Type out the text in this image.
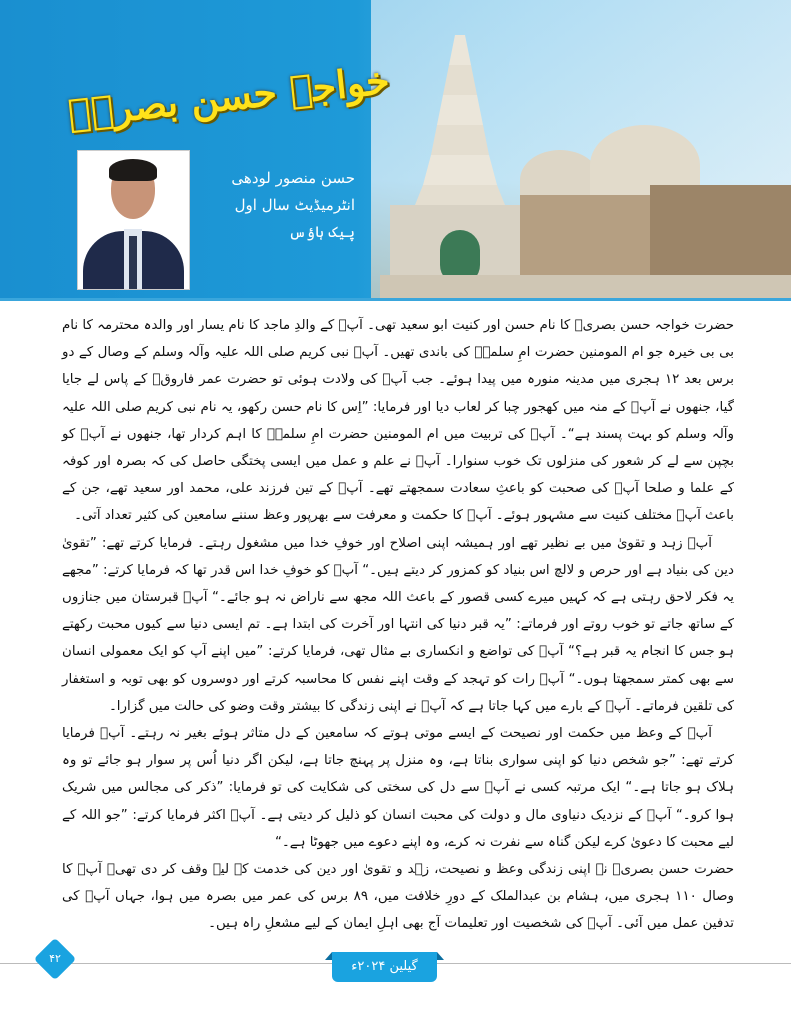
خواجہ حسن بصریؒ
حسن منصور لودھی
انٹرمیڈیٹ سال اول
پیک ہاؤس

حضرت خواجہ حسن بصریؒ کا نام حسن اور کنیت ابو سعید تھی۔ آپؒ کے والدِ ماجد کا نام یسار اور والدہ محترمہ کا نام بی بی خیرہ جو ام المومنین حضرت امِ سلمہؓ کی باندی تھیں۔ آپؒ نبی کریم صلی اللہ علیہ وآلہ وسلم کے وصال کے دو برس بعد ۱۲ ہجری میں مدینہ منورہ میں پیدا ہوئے۔ جب آپؒ کی ولادت ہوئی تو حضرت عمر فاروقؓ کے پاس لے جایا گیا، جنھوں نے آپؒ کے منہ میں کھجور چبا کر لعاب دیا اور فرمایا: ”اِس کا نام حسن رکھو، یہ نام نبی کریم صلی اللہ علیہ وآلہ وسلم کو بہت پسند ہے“۔ آپؒ کی تربیت میں ام المومنین حضرت امِ سلمہؓ کا اہم کردار تھا، جنھوں نے آپؒ کو بچپن سے لے کر شعور کی منزلوں تک خوب سنوارا۔ آپؒ نے علم و عمل میں ایسی پختگی حاصل کی کہ بصرہ اور کوفہ کے علما و صلحا آپؒ کی صحبت کو باعثِ سعادت سمجھتے تھے۔ آپؒ کے تین فرزند علی، محمد اور سعید تھے، جن کے باعث آپؒ مختلف کنیت سے مشہور ہوئے۔ آپؒ کا حکمت و معرفت سے بھرپور وعظ سننے سامعین کی کثیر تعداد آتی۔

آپؒ زہد و تقویٰ میں بے نظیر تھے اور ہمیشہ اپنی اصلاح اور خوفِ خدا میں مشغول رہتے۔ فرمایا کرتے تھے: ”تقویٰ دین کی بنیاد ہے اور حرص و لالچ اس بنیاد کو کمزور کر دیتے ہیں۔“ آپؒ کو خوفِ خدا اس قدر تھا کہ فرمایا کرتے: ”مجھے یہ فکر لاحق رہتی ہے کہ کہیں میرے کسی قصور کے باعث اللہ مجھ سے ناراض نہ ہو جائے۔“ آپؒ قبرستان میں جنازوں کے ساتھ جاتے تو خوب روتے اور فرماتے: ”یہ قبر دنیا کی انتہا اور آخرت کی ابتدا ہے۔ تم ایسی دنیا سے کیوں محبت رکھتے ہو جس کا انجام یہ قبر ہے؟“ آپؒ کی تواضع و انکساری بے مثال تھی، فرمایا کرتے: ”میں اپنے آپ کو ایک معمولی انسان سے بھی کمتر سمجھتا ہوں۔“ آپؒ رات کو تہجد کے وقت اپنے نفس کا محاسبہ کرتے اور دوسروں کو بھی توبہ و استغفار کی تلقین فرماتے۔ آپؒ کے بارے میں کہا جاتا ہے کہ آپؒ نے اپنی زندگی کا بیشتر وقت وضو کی حالت میں گزارا۔

آپؒ کے وعظ میں حکمت اور نصیحت کے ایسے موتی ہوتے کہ سامعین کے دل متاثر ہوئے بغیر نہ رہتے۔ آپؒ فرمایا کرتے تھے: ”جو شخص دنیا کو اپنی سواری بناتا ہے، وہ منزل پر پہنچ جاتا ہے، لیکن اگر دنیا اُس پر سوار ہو جائے تو وہ ہلاک ہو جاتا ہے۔“ ایک مرتبہ کسی نے آپؒ سے دل کی سختی کی شکایت کی تو فرمایا: ”ذکر کی مجالس میں شریک ہوا کرو۔“ آپؒ کے نزدیک دنیاوی مال و دولت کی محبت انسان کو ذلیل کر دیتی ہے۔ آپؒ اکثر فرمایا کرتے: ”جو اللہ کے لیے محبت کا دعویٰ کرے لیکن گناہ سے نفرت نہ کرے، وہ اپنے دعوے میں جھوٹا ہے۔“

حضرت حسن بصریؒ نے اپنی زندگی وعظ و نصیحت، زہد و تقویٰ اور دین کی خدمت کے لیے وقف کر دی تھی۔ آپؒ کا وصال ۱۱۰ ہجری میں، ہشام بن عبدالملک کے دورِ خلافت میں، ۸۹ برس کی عمر میں بصرہ میں ہوا، جہاں آپؒ کی تدفین عمل میں آئی۔ آپؒ کی شخصیت اور تعلیمات آج بھی اہلِ ایمان کے لیے مشعلِ راہ ہیں۔

۴۲
گیلین ۲۰۲۴ء
